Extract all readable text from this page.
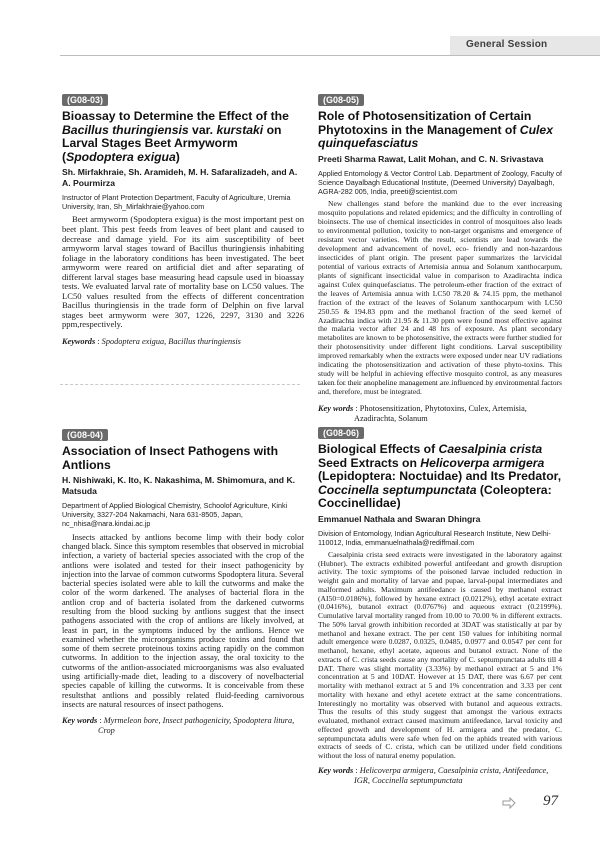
General Session
(G08-03)
Bioassay to Determine the Effect of the Bacillus thuringiensis var. kurstaki on Larval Stages Beet Armyworm (Spodoptera exigua)
Sh. Mirfakhraie, Sh. Aramideh, M. H. Safaralizadeh, and A. A. Pourmirza
Instructor of Plant Protection Department, Faculty of Agriculture, Uremia University, Iran, Sh_Mirfakhraie@yahoo.com

Beet armyworm (Spodoptera exigua) is the most important pest on beet plant. This pest feeds from leaves of beet plant and caused to decrease and damage yield. For its aim susceptibility of beet armyworm larval stages toward of Bacillus thuringiensis inhabiting foliage in the laboratory conditions has been investigated. The beet armyworm were reared on artificial diet and after separating of different larval stages base measuring head capsule used in bioassay tests. We evaluated larval rate of mortality base on LC50 values. The LC50 values resulted from the effects of different concentration Bacillus thuringiensis in the trade form of Delphin on five larval stages beet armyworm were 307, 1226, 2297, 3130 and 3226 ppm,respectively.

Keywords : Spodoptera exigua, Bacillus thuringiensis
(G08-05)
Role of Photosensitization of Certain Phytotoxins in the Management of Culex quinquefasciatus
Preeti Sharma Rawat, Lalit Mohan, and C. N. Srivastava
Applied Entomology & Vector Control Lab. Department of Zoology, Faculty of Science Dayalbagh Educational Institute, (Deemed University) Dayalbagh, AGRA-282 005, India, preeti@scientist.com

New challenges stand before the mankind due to the ever increasing mosquito populations and related epidemics; and the difficulty in controlling of bioinsects. The use of chemical insecticides in control of mosquitoes also leads to environmental pollution, toxicity to non-target organisms and emergence of resistant vector varieties. With the result, scientists are lead towards the development and advancement of novel, eco- friendly and non-hazardous insecticides of plant origin. The present paper summarizes the larvicidal potential of various extracts of Artemisia annua and Solanum xanthocarpum, plants of significant insecticidal value in comparison to Azadirachta indica against Culex quinquefasciatus. The petroleum-ether fraction of the extract of the leaves of Artemisia annua with LC50 78.20 & 74.15 ppm, the methanol fraction of the extract of the leaves of Solanum xanthocarpum with LC50 250.55 & 194.83 ppm and the methanol fraction of the seed kernel of Azadirachta indica with 21.95 & 11.30 ppm were found most effective against the malaria vector after 24 and 48 hrs of exposure. As plant secondary metabolites are known to be photosensitive, the extracts were further studied for their photosensitivity under different light conditions. Larval susceptibility improved remarkably when the extracts were exposed under near UV radiations indicating the photosensitization and activation of these phyto-toxins. This study will be helpful in achieving effective mosquito control, as any measures taken for their anopheline management are influenced by environmental factors and, therefore, must be integrated.

Key words : Photosensitization, Phytotoxins, Culex, Artemisia, Azadirachta, Solanum
(G08-04)
Association of Insect Pathogens with Antlions
H. Nishiwaki, K. Ito, K. Nakashima, M. Shimomura, and K. Matsuda
Department of Applied Biological Chemistry, Schoolof Agriculture, Kinki University, 3327-204 Nakamachi, Nara 631-8505, Japan, nc_nhisa@nara.kindai.ac.jp

Insects attacked by antlions become limp with their body color changed black. Since this symptom resembles that observed in microbial infection, a variety of bacterial species associated with the crop of the antlions were isolated and tested for their insect pathogenicity by injection into the larvae of common cutworms Spodoptera litura. Several bacterial species isolated were able to kill the cutworms and make the color of the worm darkened. The analyses of bacterial flora in the antlion crop and of bacteria isolated from the darkened cutworms resulting from the blood sucking by antlions suggest that the insect pathogens associated with the crop of antlions are likely involved, at least in part, in the symptoms induced by the antlions. Hence we examined whether the microorganisms produce toxins and found that some of them secrete proteinous toxins acting rapidly on the common cutworms. In addition to the injection assay, the oral toxicity to the cutworms of the antlion-associated microorganisms was also evaluated using artificially-made diet, leading to a discovery of novelbacterial species capable of killing the cutworms. It is conceivable from these resultsthat antlions and possibly related fluid-feeding carnivorous insects are natural resources of insect pathogens.

Key words : Myrmeleon bore, Insect pathogenicity, Spodoptera litura, Crop
(G08-06)
Biological Effects of Caesalpinia crista Seed Extracts on Helicoverpa armigera (Lepidoptera: Noctuidae) and Its Predator, Coccinella septumpunctata (Coleoptera: Coccinellidae)
Emmanuel Nathala and Swaran Dhingra
Division of Entomology, Indian Agricultural Research Institute, New Delhi-110012, India, emmanuelnathala@rediffmail.com

Caesalpinia crista seed extracts were investigated in the laboratory against (Hubner). The extracts exhibited powerful antifeedant and growth disruption activity. The toxic symptoms of the poisoned larvae included reduction in weight gain and mortality of larvae and pupae, larval-pupal intermediates and malformed adults. Maximum antifeedance is caused by methanol extract (AI50=0.0186%), followed by hexane extract (0.0212%), ethyl acetate extract (0.0416%), butanol extract (0.0767%) and aqueous extract (0.2199%). Cumulative larval mortality ranged from 10.00 to 70.00 % in different extracts. The 50% larval growth inhibition recorded at 3DAT was statistically at par by methanol and hexane extract. The per cent 150 values for inhibiting normal adult emergence were 0.0287, 0.0325, 0.0485, 0.0977 and 0.0547 per cent for methanol, hexane, ethyl acetate, aqueous and butanol extract. None of the extracts of C. crista seeds cause any mortality of C. septumpunctata adults till 4 DAT. There was slight mortality (3.33%) by methanol extract at 5 and 1% concentration at 5 and 10DAT. However at 15 DAT, there was 6.67 per cent mortality with methanol extract at 5 and 1% concentration and 3.33 per cent mortality with hexane and ethyl acetete extract at the same concentrations. Interestingly no mortality was observed with butanol and aqueous extracts. Thus the results of this study suggest that amongst the various extracts evaluated, methanol extract caused maximum antifeedance, larval toxicity and effected growth and development of H. armigera and the predator, C. septumpunctata adults were safe when fed on the aphids treated with various extracts of seeds of C. crista, which can be utilized under field conditions without the loss of natural enemy population.

Key words : Helicoverpa armigera, Caesalpinia crista, Antifeedance, IGR, Coccinella septumpunctata
97
